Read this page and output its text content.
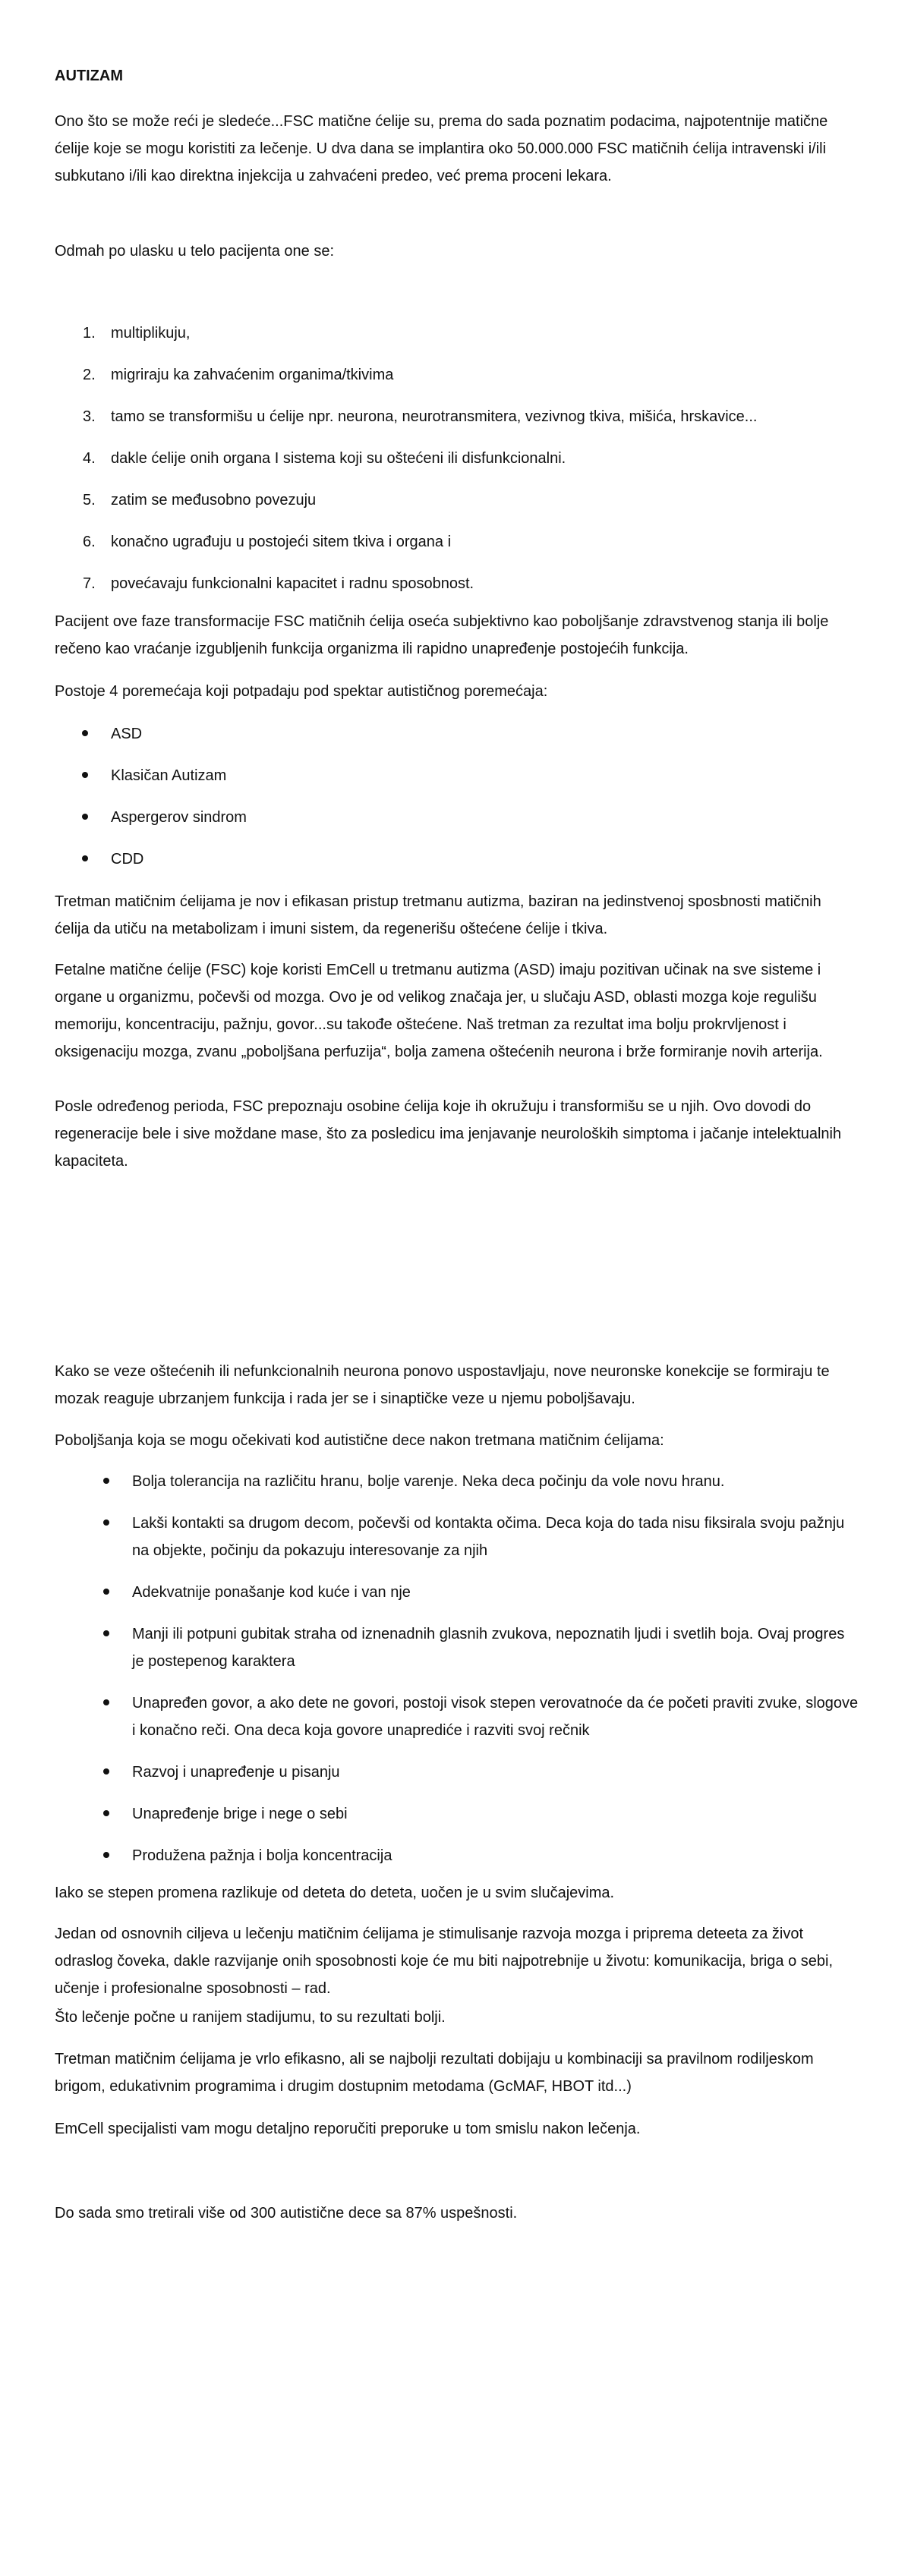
AUTIZAM

Ono što se može reći je sledeće...FSC matične ćelije su, prema do sada poznatim podacima, najpotentnije matične ćelije koje se mogu koristiti za lečenje. U dva dana se implantira oko 50.000.000 FSC matičnih ćelija intravenski i/ili subkutano i/ili kao direktna injekcija u zahvaćeni predeo, već prema proceni lekara.

Odmah po ulasku u telo pacijenta one se:

1. multiplikuju,
2. migriraju ka zahvaćenim organima/tkivima
3. tamo se transformišu u ćelije npr. neurona, neurotransmitera, vezivnog tkiva, mišića, hrskavice...
4. dakle ćelije onih organa I sistema koji su oštećeni ili disfunkcionalni.
5. zatim se međusobno povezuju
6. konačno ugrađuju u postojeći sitem tkiva i organa i
7. povećavaju funkcionalni kapacitet i radnu sposobnost.

Pacijent ove faze transformacije FSC matičnih ćelija oseća subjektivno kao poboljšanje zdravstvenog stanja ili bolje rečeno kao vraćanje izgubljenih funkcija organizma ili rapidno unapređenje postojećih funkcija.

Postoje 4 poremećaja koji potpadaju pod spektar autističnog poremećaja:

ASD
Klasičan Autizam
Aspergerov sindrom
CDD

Tretman matičnim ćelijama je nov i efikasan pristup tretmanu autizma, baziran na jedinstvenoj sposbnosti matičnih ćelija da utiču na metabolizam i imuni sistem, da regenerišu oštećene ćelije i tkiva.

Fetalne matične ćelije (FSC) koje koristi EmCell u tretmanu autizma (ASD) imaju pozitivan učinak na sve sisteme i organe u organizmu, počevši od mozga. Ovo je od velikog značaja jer, u slučaju ASD, oblasti mozga koje regulišu memoriju, koncentraciju, pažnju, govor...su takođe oštećene. Naš tretman za rezultat ima bolju prokrvljenost i oksigenaciju mozga, zvanu „poboljšana perfuzija“, bolja zamena oštećenih neurona i brže formiranje novih arterija.

Posle određenog perioda, FSC prepoznaju osobine ćelija koje ih okružuju i transformišu se u njih. Ovo dovodi do regeneracije bele i sive moždane mase, što za posledicu ima jenjavanje neuroloških simptoma i jačanje intelektualnih kapaciteta.

Kako se veze oštećenih ili nefunkcionalnih neurona ponovo uspostavljaju, nove neuronske konekcije se formiraju te mozak reaguje ubrzanjem funkcija i rada jer se i sinaptičke veze u njemu poboljšavaju.

Poboljšanja koja se mogu očekivati kod autistične dece nakon tretmana matičnim ćelijama:

Bolja tolerancija na različitu hranu, bolje varenje. Neka deca počinju da vole novu hranu.
Lakši kontakti sa drugom decom, počevši od kontakta očima. Deca koja do tada nisu fiksirala svoju pažnju na objekte, počinju da pokazuju interesovanje za njih
Adekvatnije ponašanje kod kuće i van nje
Manji ili potpuni gubitak straha od iznenadnih glasnih zvukova, nepoznatih ljudi i svetlih boja. Ovaj progres je postepenog karaktera
Unapređen govor, a ako dete ne govori, postoji visok stepen verovatnoće da će početi praviti zvuke, slogove i konačno reči. Ona deca koja govore unaprediće i razviti svoj rečnik
Razvoj i unapređenje u pisanju
Unapređenje brige i nege o sebi
Produžena pažnja i bolja koncentracija

Iako se stepen promena razlikuje od deteta do deteta, uočen je u svim slučajevima.

Jedan od osnovnih ciljeva u lečenju matičnim ćelijama je stimulisanje razvoja mozga i priprema deteeta za život odraslog čoveka, dakle razvijanje onih sposobnosti koje će mu biti najpotrebnije u životu: komunikacija, briga o sebi, učenje i profesionalne sposobnosti – rad.

Što lečenje počne u ranijem stadijumu, to su rezultati bolji.

Tretman matičnim ćelijama je vrlo efikasno, ali se najbolji rezultati dobijaju u kombinaciji sa pravilnom rodiljeskom brigom, edukativnim programima i drugim dostupnim metodama (GcMAF, HBOT itd...)

EmCell specijalisti vam mogu detaljno reporučiti preporuke u tom smislu nakon lečenja.

Do sada smo tretirali više od 300 autistične dece sa 87% uspešnosti.
